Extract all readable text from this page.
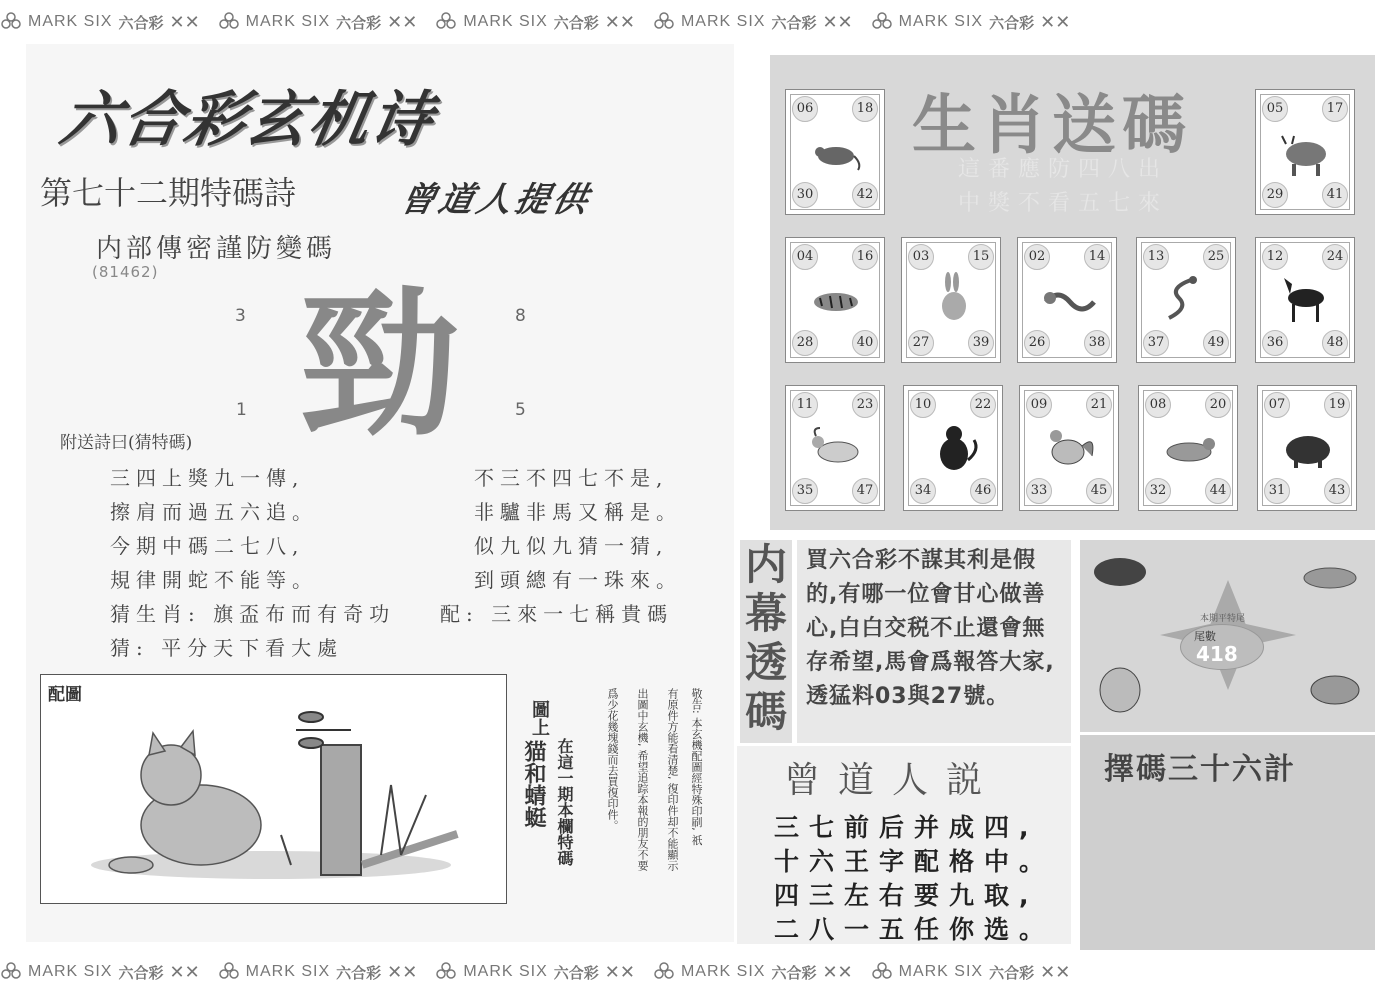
MARK SIX 六合彩 ✕✕	MARK SIX 六合彩 ✕✕	MARK SIX 六合彩 ✕✕	MARK SIX 六合彩 ✕✕	MARK SIX 六合彩 ✕✕
MARK SIX 六合彩 ✕✕	MARK SIX 六合彩 ✕✕	MARK SIX 六合彩 ✕✕	MARK SIX 六合彩 ✕✕	MARK SIX 六合彩 ✕✕
六合彩玄机诗
第七十二期特碼詩	曾道人提供
内部傳密謹防變碼
(81462)
3	8
1	5
勁
附送詩曰(猜特碼)
三四上獎九一傳,
擦肩而過五六追。
今期中碼二七八,
規律開蛇不能等。
不三不四七不是,
非驢非馬又稱是。
似九似九猜一猜,
到頭總有一珠來。
猜生肖: 旗盃布而有奇功 配: 三來一七稱貴碼
猜: 平分天下看大處
配圖
圖上
猫和蜻蜓 在這一期本欄特碼	敬告: 本玄機配圖經特殊印刷, 祇
有原件方能看清楚, 復印件却不能顯示
出圖中玄機, 希望追踪本報的朋友不要
爲少花幾塊錢而去買復印件。
生肖送碼
這番應防四八出
中獎不看五七來
06	18
30	42
05	17
29	41
04	16
28	40
03	15
27	39
02	14
26	38
13	25
37	49
12	24
36	48
11	23
35	47
10	22
34	46
09	21
33	45
08	20
32	44
07	19
31	43
内幕透碼
買六合彩不謀其利是假的,有哪一位會甘心做善心,白白交税不止還會無存希望,馬會爲報答大家,透猛料03與27號。
曾道人説
三七前后并成四,
十六王字配格中。
四三左右要九取,
二八一五任你选。
本期平特尾
尾數
418
擇碼三十六計
